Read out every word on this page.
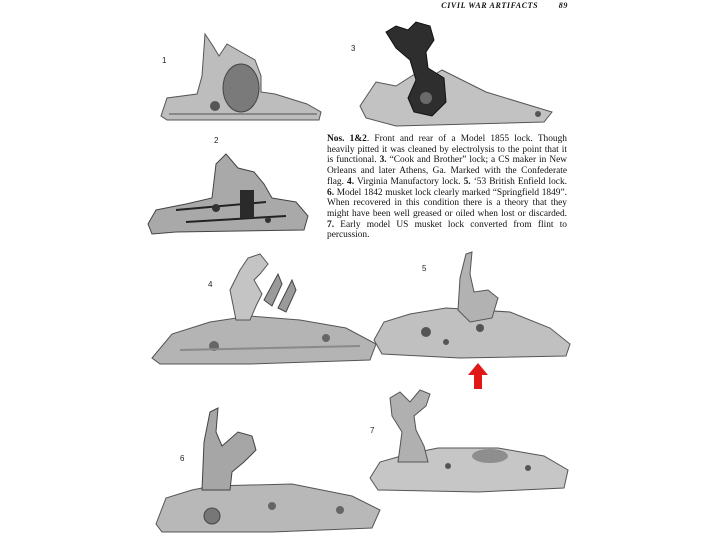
CIVIL WAR ARTIFACTS	89
1
2
3
Nos. 1&2. Front and rear of a Model 1855 lock. Though heavily pitted it was cleaned by electrolysis to the point that it is functional. 3. “Cook and Brother” lock; a CS maker in New Orleans and later Athens, Ga. Marked with the Confederate flag. 4. Virginia Manufactory lock. 5. ‘53 British Enfield lock. 6. Model 1842 musket lock clearly marked “Springfield 1849”. When recovered in this condition there is a theory that they might have been well greased or oiled when lost or discarded. 7. Early model US musket lock converted from flint to percussion.
4
5
6
7
